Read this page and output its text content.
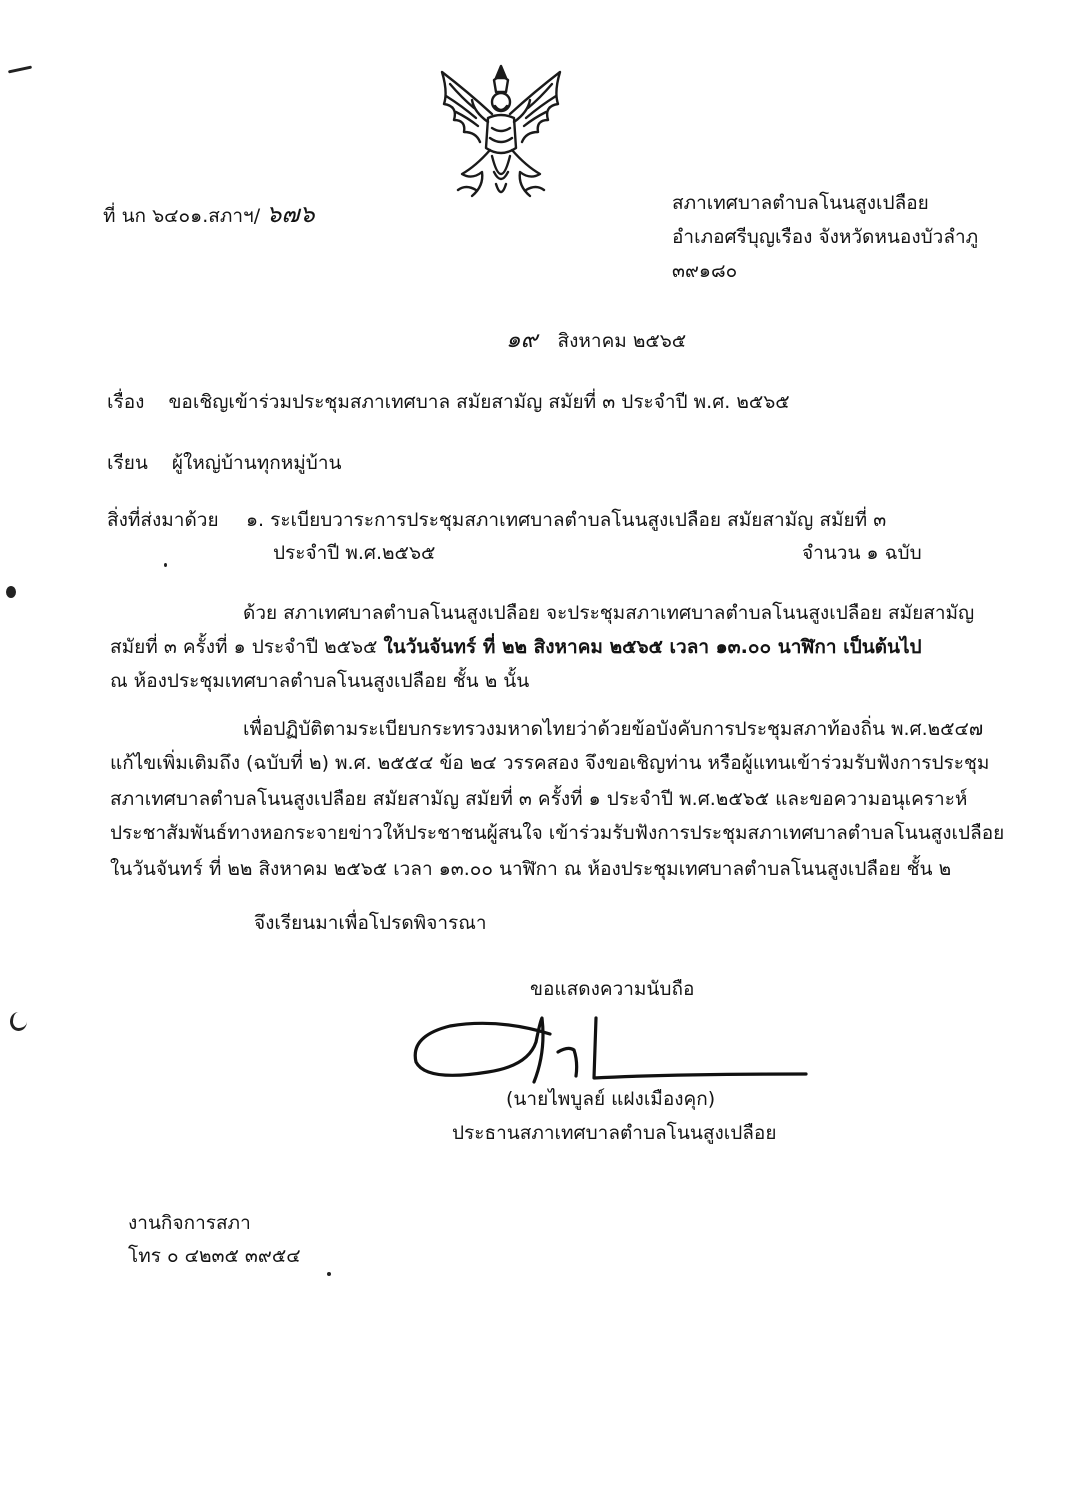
ที่ นก ๖๔๐๑.สภาฯ/ ๖๗๖	สภาเทศบาลตำบลโนนสูงเปลือย
อำเภอศรีบุญเรือง จังหวัดหนองบัวลำภู
๓๙๑๘๐
๑๙ สิงหาคม ๒๕๖๕
เรื่อง ขอเชิญเข้าร่วมประชุมสภาเทศบาล สมัยสามัญ สมัยที่ ๓ ประจำปี พ.ศ. ๒๕๖๕
เรียน ผู้ใหญ่บ้านทุกหมู่บ้าน
สิ่งที่ส่งมาด้วย ๑. ระเบียบวาระการประชุมสภาเทศบาลตำบลโนนสูงเปลือย สมัยสามัญ สมัยที่ ๓
ประจำปี พ.ศ.๒๕๖๕	จำนวน ๑ ฉบับ
ด้วย สภาเทศบาลตำบลโนนสูงเปลือย จะประชุมสภาเทศบาลตำบลโนนสูงเปลือย สมัยสามัญ
สมัยที่ ๓ ครั้งที่ ๑ ประจำปี ๒๕๖๕ ในวันจันทร์ ที่ ๒๒ สิงหาคม ๒๕๖๕ เวลา ๑๓.๐๐ นาฬิกา เป็นต้นไป
ณ ห้องประชุมเทศบาลตำบลโนนสูงเปลือย ชั้น ๒ นั้น
เพื่อปฏิบัติตามระเบียบกระทรวงมหาดไทยว่าด้วยข้อบังคับการประชุมสภาท้องถิ่น พ.ศ.๒๕๔๗
แก้ไขเพิ่มเติมถึง (ฉบับที่ ๒) พ.ศ. ๒๕๕๔ ข้อ ๒๔ วรรคสอง จึงขอเชิญท่าน หรือผู้แทนเข้าร่วมรับฟังการประชุม
สภาเทศบาลตำบลโนนสูงเปลือย สมัยสามัญ สมัยที่ ๓ ครั้งที่ ๑ ประจำปี พ.ศ.๒๕๖๕ และขอความอนุเคราะห์
ประชาสัมพันธ์ทางหอกระจายข่าวให้ประชาชนผู้สนใจ เข้าร่วมรับฟังการประชุมสภาเทศบาลตำบลโนนสูงเปลือย
ในวันจันทร์ ที่ ๒๒ สิงหาคม ๒๕๖๕ เวลา ๑๓.๐๐ นาฬิกา ณ ห้องประชุมเทศบาลตำบลโนนสูงเปลือย ชั้น ๒
จึงเรียนมาเพื่อโปรดพิจารณา
ขอแสดงความนับถือ
(นายไพบูลย์ แฝงเมืองคุก)
ประธานสภาเทศบาลตำบลโนนสูงเปลือย
งานกิจการสภา
โทร ๐ ๔๒๓๕ ๓๙๕๔
